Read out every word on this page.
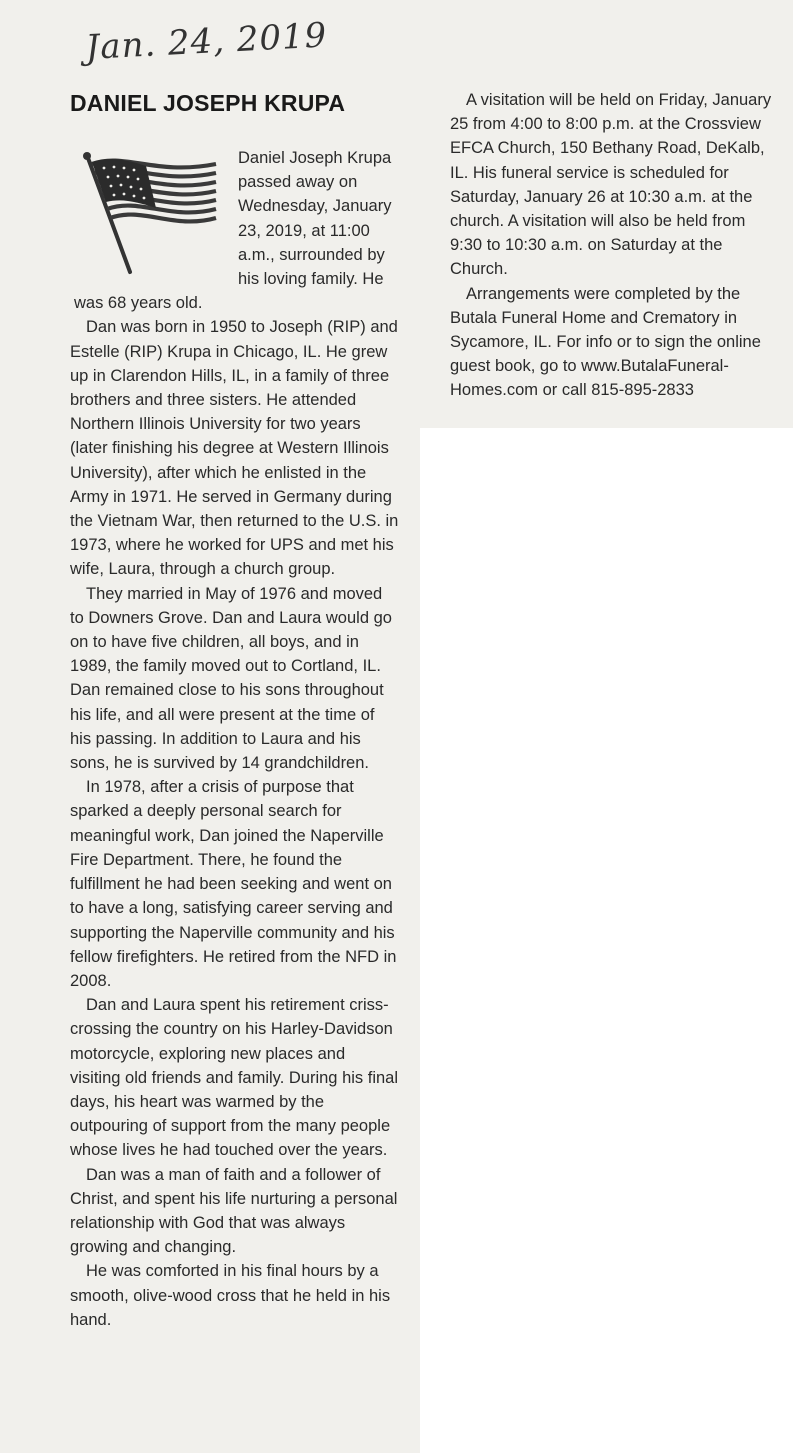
Jan. 24, 2019
DANIEL JOSEPH KRUPA

Daniel Joseph Krupa passed away on Wednesday, January 23, 2019, at 11:00 a.m., surrounded by his loving family. He was 68 years old.

Dan was born in 1950 to Joseph (RIP) and Estelle (RIP) Krupa in Chicago, IL. He grew up in Clarendon Hills, IL, in a family of three brothers and three sisters. He attended Northern Illinois University for two years (later finishing his degree at Western Illinois University), after which he enlisted in the Army in 1971. He served in Germany during the Vietnam War, then returned to the U.S. in 1973, where he worked for UPS and met his wife, Laura, through a church group.

They married in May of 1976 and moved to Downers Grove. Dan and Laura would go on to have five children, all boys, and in 1989, the family moved out to Cortland, IL. Dan remained close to his sons throughout his life, and all were present at the time of his passing. In addition to Laura and his sons, he is survived by 14 grandchildren.

In 1978, after a crisis of purpose that sparked a deeply personal search for meaningful work, Dan joined the Naperville Fire Department. There, he found the fulfillment he had been seeking and went on to have a long, satisfying career serving and supporting the Naperville community and his fellow firefighters. He retired from the NFD in 2008.

Dan and Laura spent his retirement criss-crossing the country on his Harley-Davidson motorcycle, exploring new places and visiting old friends and family. During his final days, his heart was warmed by the outpouring of support from the many people whose lives he had touched over the years.

Dan was a man of faith and a follower of Christ, and spent his life nurturing a personal relationship with God that was always growing and changing.

He was comforted in his final hours by a smooth, olive-wood cross that he held in his hand.

A visitation will be held on Friday, January 25 from 4:00 to 8:00 p.m. at the Crossview EFCA Church, 150 Bethany Road, DeKalb, IL. His funeral service is scheduled for Saturday, January 26 at 10:30 a.m. at the church. A visitation will also be held from 9:30 to 10:30 a.m. on Saturday at the Church.

Arrangements were completed by the Butala Funeral Home and Crematory in Sycamore, IL. For info or to sign the online guest book, go to www.ButalaFuneral-Homes.com or call 815-895-2833
